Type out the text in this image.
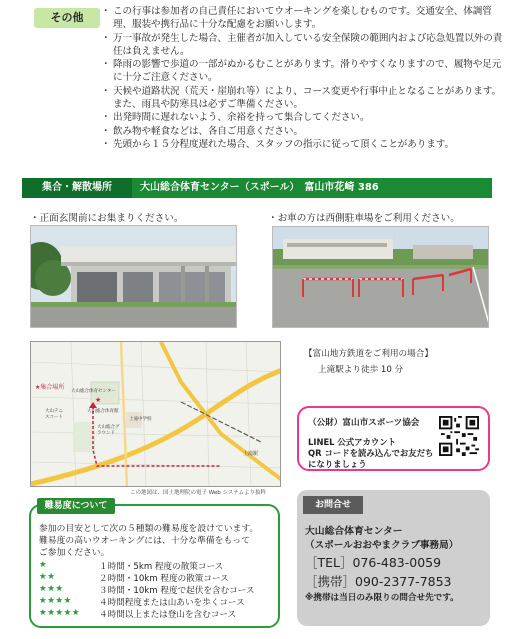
その他
・	この行事は参加者の自己責任においてウオーキングを楽しむものです。交通安全、体調管理、服装や携行品に十分な配慮をお願いします。
・ 万一事故が発生した場合、主催者が加入している安全保険の範囲内および応急処置以外の責任は負えません。
・ 降雨の影響で歩道の一部がぬかるむことがあります。滑りやすくなりますので、履物や足元に十分ご注意ください。
・ 天候や道路状況（荒天・崖崩れ等）により、コース変更や行事中止となることがあります。また、雨具や防寒具は必ずご準備ください。
・ 出発時間に遅れないよう、余裕を持って集合してください。
・ 飲み物や軽食などは、各自ご用意ください。
・ 先頭から１５分程度遅れた場合、スタッフの指示に従って頂くことがあります。
集合・解散場所	大山総合体育センター（スポール）　富山市花崎 386
・正面玄関前にお集まりください。	・お車の方は西側駐車場をご利用ください。
★
★集合場所
大山総合体育センター
大山テニスコート
大山総合体育館
上滝中学校
大山総合グラウンド
上滝駅
この地図は、国土地理院の電子 Web システムより抜粋
【富山地方鉄道をご利用の場合】
上滝駅より徒歩 10 分
（公財）富山市スポーツ協会
LINEL 公式アカウント
QR コードを読み込んでお友だち
になりましょう
参加の目安として次の５種類の難易度を設けています。
難易度の高いウオーキングには、十分な準備をもって
ご参加ください。
★	１時間・5km 程度の散策コース
★★	２時間・10km 程度の散策コース
★★★	３時間・10km 程度で起伏を含むコース
★★★★	４時間程度または山あいを歩くコース
★★★★★ ４時間以上または登山を含むコース
難易度について	お問合せ
大山総合体育センター
（スポールおおやまクラブ事務局）
［TEL］076-483-0059
［携帯］090-2377-7853
※携帯は当日のみ限りの問合せ先です。
